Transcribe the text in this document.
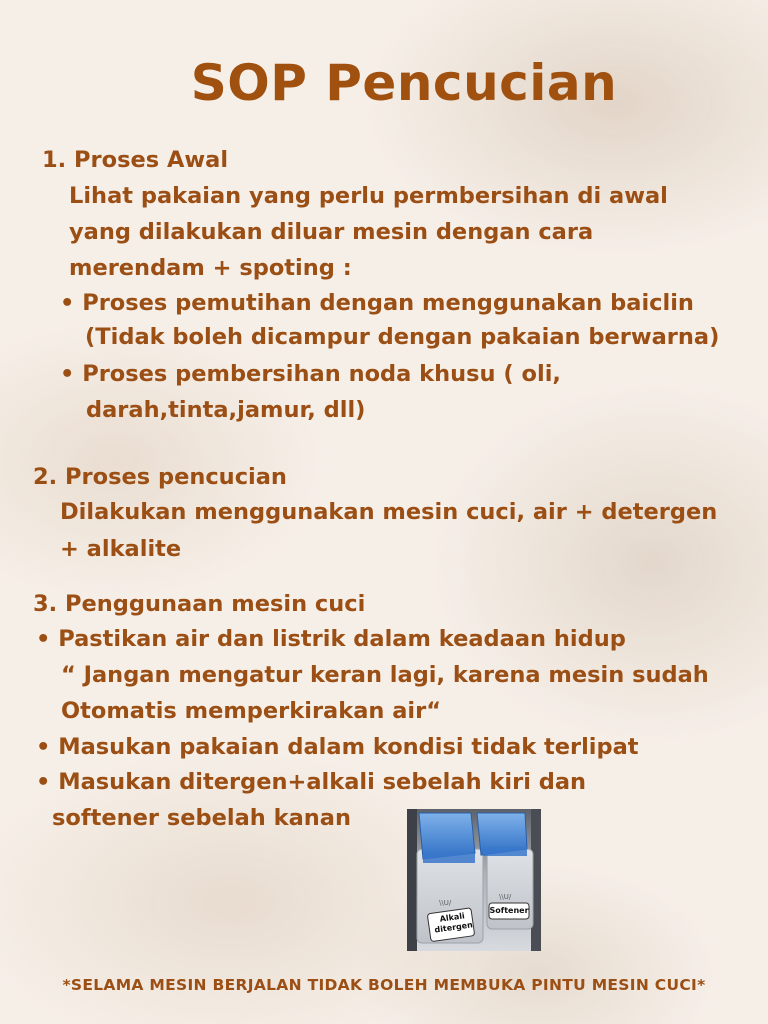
SOP Pencucian
1. Proses Awal
Lihat pakaian yang perlu permbersihan di awal
yang dilakukan diluar mesin dengan cara
merendam + spoting :
• Proses pemutihan dengan menggunakan baiclin
(Tidak boleh dicampur dengan pakaian berwarna)
• Proses pembersihan noda khusu ( oli,
darah,tinta,jamur, dll)
2. Proses pencucian
Dilakukan menggunakan mesin cuci, air + detergen
+ alkalite
3. Penggunaan mesin cuci
• Pastikan air dan listrik dalam keadaan hidup
“ Jangan mengatur keran lagi, karena mesin sudah
Otomatis memperkirakan air“
• Masukan pakaian dalam kondisi tidak terlipat
• Masukan ditergen+alkali sebelah kiri dan
softener sebelah kanan
\\U/
\\U/
Alkali
ditergen
Softener
*SELAMA MESIN BERJALAN TIDAK BOLEH MEMBUKA PINTU MESIN CUCI*
